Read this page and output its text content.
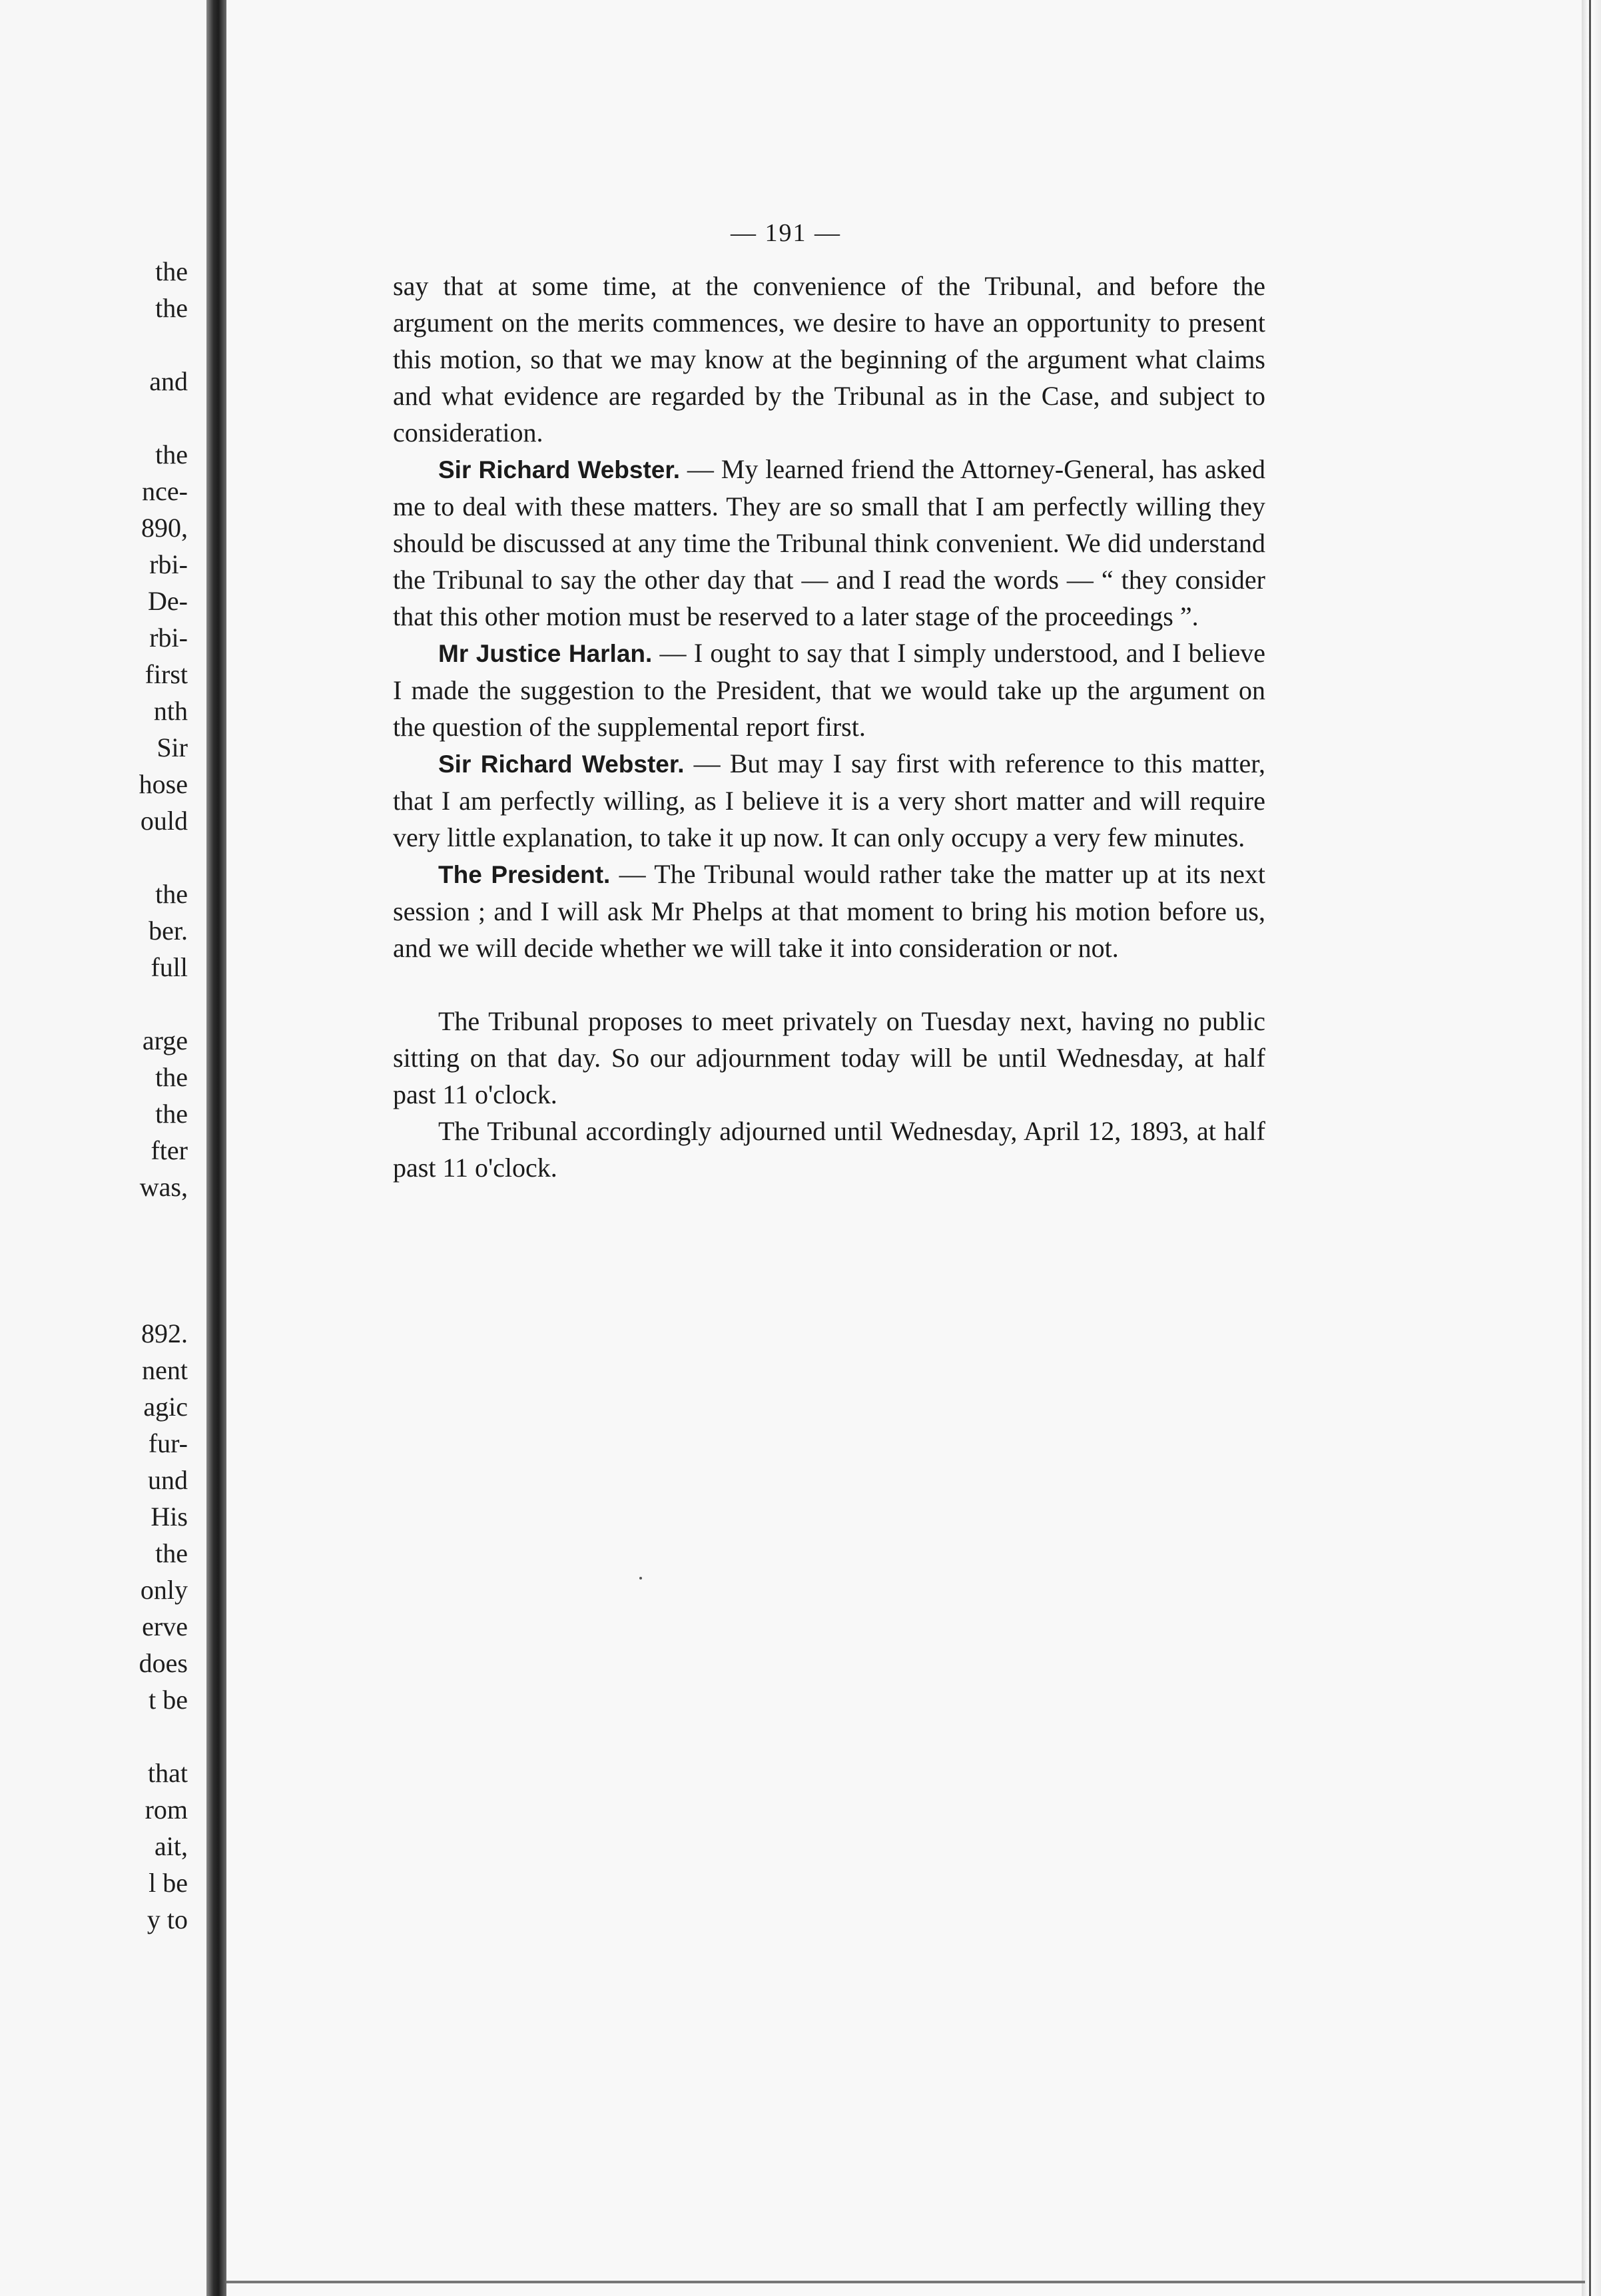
the
the
and
the
nce-
890,
rbi-
De-
rbi-
first
nth
Sir
hose
ould
the
ber.
full
arge
the
the
fter
was,
892.
nent
agic
fur-
und
His
the
only
erve
does
t be
that
rom
ait,
l be
y to
— 191 —

say that at some time, at the convenience of the Tribunal, and before the argument on the merits commences, we desire to have an opportunity to present this motion, so that we may know at the beginning of the argument what claims and what evidence are regarded by the Tribunal as in the Case, and subject to consideration.

Sir Richard Webster. — My learned friend the Attorney-General, has asked me to deal with these matters. They are so small that I am perfectly willing they should be discussed at any time the Tribunal think convenient. We did understand the Tribunal to say the other day that — and I read the words — “ they consider that this other motion must be reserved to a later stage of the proceedings ”.

Mr Justice Harlan. — I ought to say that I simply understood, and I believe I made the suggestion to the President, that we would take up the argument on the question of the supplemental report first.

Sir Richard Webster. — But may I say first with reference to this matter, that I am perfectly willing, as I believe it is a very short matter and will require very little explanation, to take it up now. It can only occupy a very few minutes.

The President. — The Tribunal would rather take the matter up at its next session ; and I will ask Mr Phelps at that moment to bring his motion before us, and we will decide whether we will take it into consideration or not.

The Tribunal proposes to meet privately on Tuesday next, having no public sitting on that day. So our adjournment today will be until Wednesday, at half past 11 o'clock.

The Tribunal accordingly adjourned until Wednesday, April 12, 1893, at half past 11 o'clock.
